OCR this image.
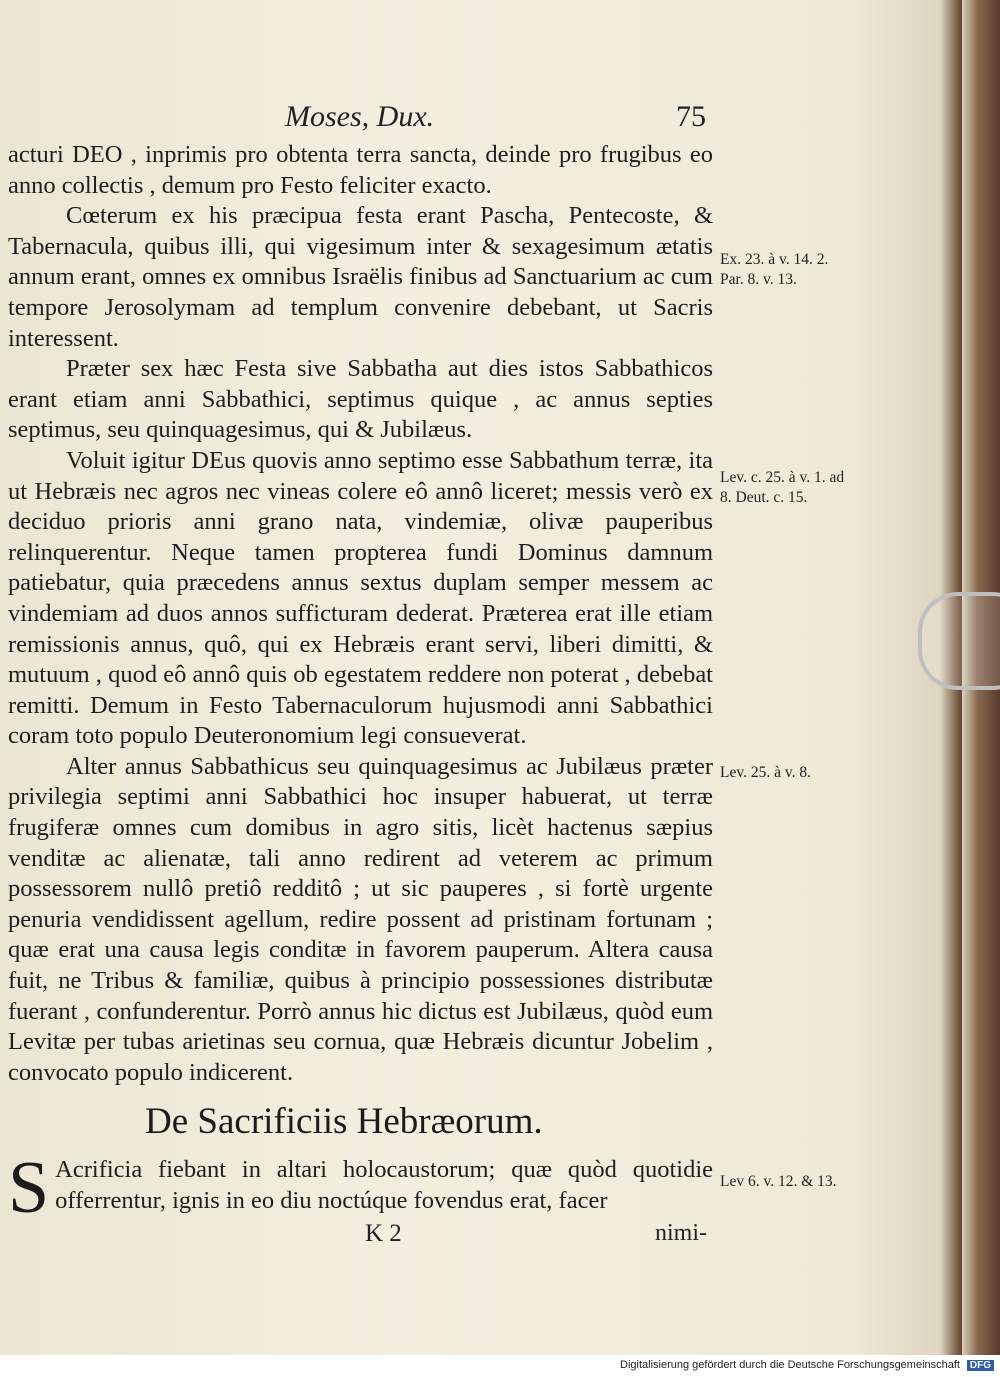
Moses, Dux.	75

acturi DEO , inprimis pro obtenta terra sancta, deinde pro frugibus eo anno collectis , demum pro Festo feliciter exacto.

Cœterum ex his præcipua festa erant Pascha, Pentecoste, & Tabernacula, quibus illi, qui vigesimum inter & sexagesimum ætatis annum erant, omnes ex omnibus Israëlis finibus ad Sanctuarium ac cum tempore Jerosolymam ad templum convenire debebant, ut Sacris interessent.

Præter sex hæc Festa sive Sabbatha aut dies istos Sabbathicos erant etiam anni Sabbathici, septimus quique , ac annus septies septimus, seu quinquagesimus, qui & Jubilæus.

Voluit igitur DEus quovis anno septimo esse Sabbathum terræ, ita ut Hebræis nec agros nec vineas colere eô annô liceret; messis verò ex deciduo prioris anni grano nata, vindemiæ, olivæ pauperibus relinquerentur. Neque tamen propterea fundi Dominus damnum patiebatur, quia præcedens annus sextus duplam semper messem ac vindemiam ad duos annos sufficturam dederat. Præterea erat ille etiam remissionis annus, quô, qui ex Hebræis erant servi, liberi dimitti, & mutuum , quod eô annô quis ob egestatem reddere non poterat , debebat remitti. Demum in Festo Tabernaculorum hujusmodi anni Sabbathici coram toto populo Deuteronomium legi consueverat.

Alter annus Sabbathicus seu quinquagesimus ac Jubilæus præter privilegia septimi anni Sabbathici hoc insuper habuerat, ut terræ frugiferæ omnes cum domibus in agro sitis, licèt hactenus sæpius venditæ ac alienatæ, tali anno redirent ad veterem ac primum possessorem nullô pretiô redditô ; ut sic pauperes , si fortè urgente penuria vendidissent agellum, redire possent ad pristinam fortunam ; quæ erat una causa legis conditæ in favorem pauperum. Altera causa fuit, ne Tribus & familiæ, quibus à principio possessiones distributæ fuerant , confunderentur. Porrò annus hic dictus est Jubilæus, quòd eum Levitæ per tubas arietinas seu cornua, quæ Hebræis dicuntur Jobelim , convocato populo indicerent.

Ex. 23. à v. 14. 2. Par. 8. v. 13.
Lev. c. 25. à v. 1. ad 8. Deut. c. 15.
Lev. 25. à v. 8.
Lev 6. v. 12. & 13.
De Sacrificiis Hebræorum.
S Acrificia fiebant in altari holocaustorum; quæ quòd quotidie offerrentur, ignis in eo diu noctúque fovendus erat, facer
K 2	nimi-
Digitalisierung gefördert durch die Deutsche Forschungsgemeinschaft DFG
